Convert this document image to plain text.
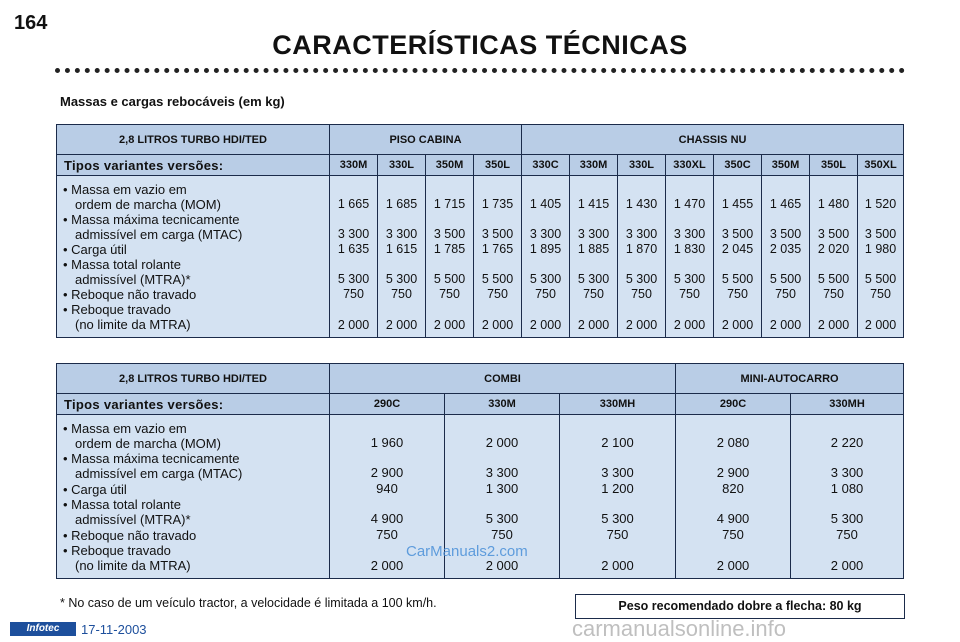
164
CARACTERÍSTICAS TÉCNICAS
Massas e cargas rebocáveis (em kg)
2,8 LITROS TURBO HDI/TED	PISO CABINA				CHASSIS NU							
Tipos variantes versões:	330M	330L	350M	350L	330C	330M	330L	330XL	350C	350M	350L	350XL

• Massa em vazio em
ordem de marcha (MOM)	1 665	1 685	1 715	1 735	1 405	1 415	1 430	1 470	1 455	1 465	1 480	1 520

• Massa máxima tecnicamente
admissível em carga (MTAC)	3 300	3 300	3 500	3 500	3 300	3 300	3 300	3 300	3 500	3 500	3 500	3 500

• Carga útil	1 635	1 615	1 785	1 765	1 895	1 885	1 870	1 830	2 045	2 035	2 020	1 980

• Massa total rolante
admissível (MTRA)*	5 300	5 300	5 500	5 500	5 300	5 300	5 300	5 300	5 500	5 500	5 500	5 500

• Reboque não travado	750	750	750	750	750	750	750	750	750	750	750	750

• Reboque travado
(no limite da MTRA)	2 000	2 000	2 000	2 000	2 000	2 000	2 000	2 000	2 000	2 000	2 000	2 000
2,8 LITROS TURBO HDI/TED	COMBI			MINI-AUTOCARRO	
Tipos variantes versões:	290C	330M	330MH	290C	330MH

• Massa em vazio em
ordem de marcha (MOM)	1 960	2 000	2 100	2 080	2 220

• Massa máxima tecnicamente
admissível em carga (MTAC)	2 900	3 300	3 300	2 900	3 300

• Carga útil	940	1 300	1 200	820	1 080

• Massa total rolante
admissível (MTRA)*	4 900	5 300	5 300	4 900	5 300

• Reboque não travado	750	750	750	750	750

• Reboque travado
(no limite da MTRA)	2 000	2 000	2 000	2 000	2 000
* No caso de um veículo tractor, a velocidade é limitada a 100 km/h.	Peso recomendado dobre a flecha: 80 kg
CarManuals2.com
carmanualsonline.info
Infotec	17-11-2003
